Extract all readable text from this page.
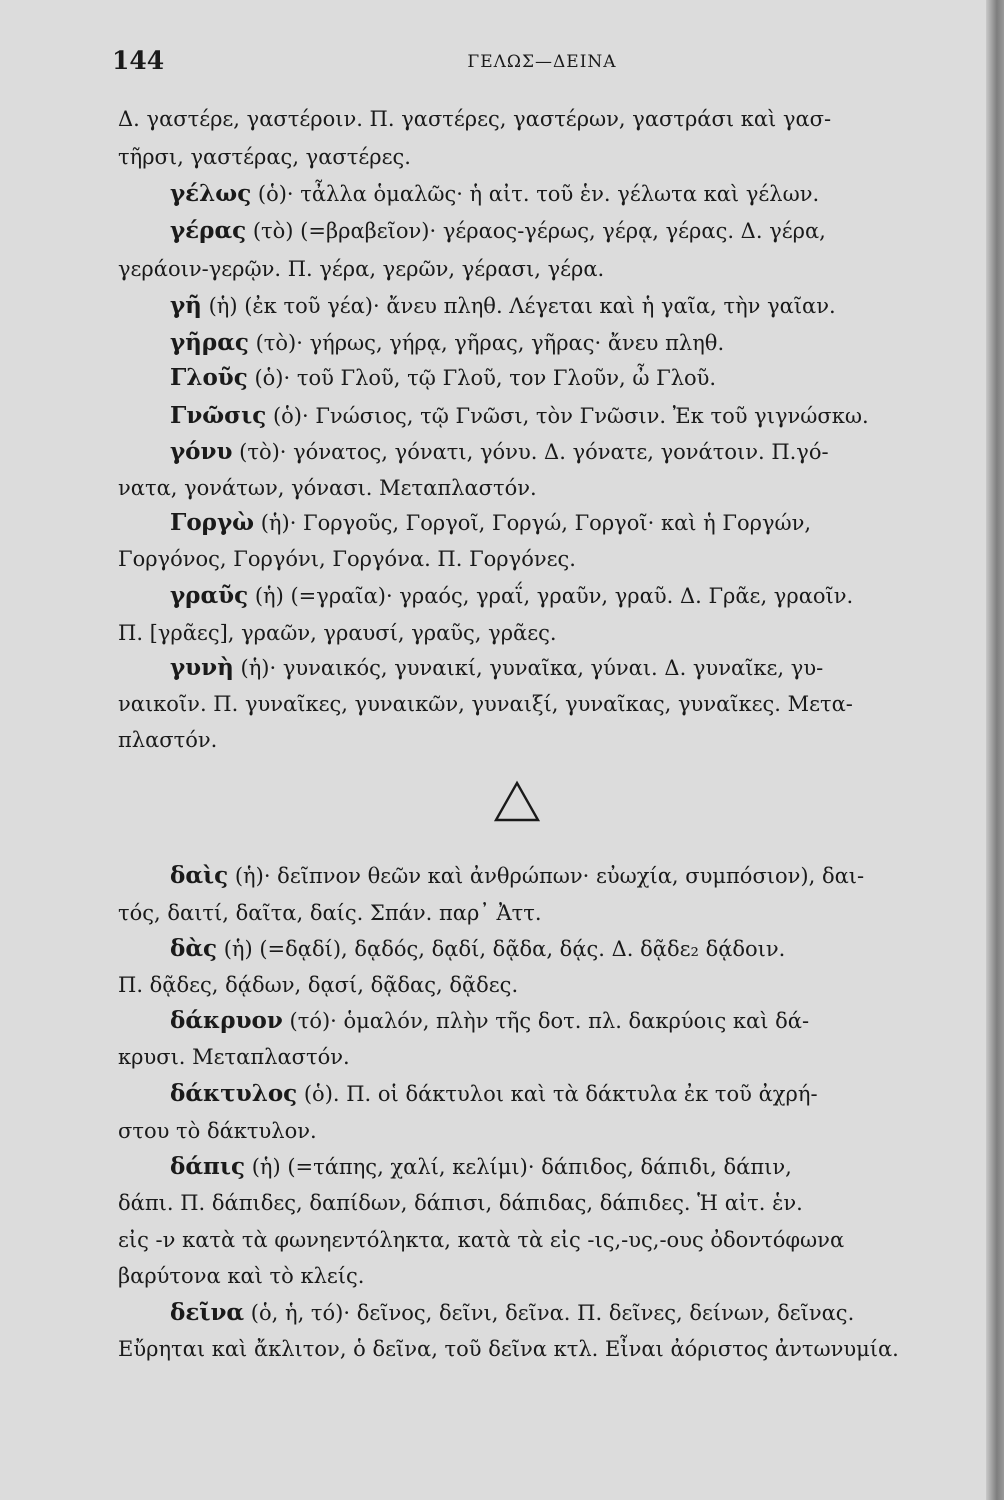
144	ΓΕΛΩΣ—ΔΕΙΝΑ
Δ. γαστέρε, γαστέροιν. Π. γαστέρες, γαστέρων, γαστράσι καὶ γασ-
τῆρσι, γαστέρας, γαστέρες.
γέλως (ὁ)· τἆλλα ὁμαλῶς· ἡ αἰτ. τοῦ ἑν. γέλωτα καὶ γέλων.
γέρας (τὸ) (=βραβεῖον)· γέραος-γέρως, γέρᾳ, γέρας. Δ. γέρα,
γεράοιν-γερῷν. Π. γέρα, γερῶν, γέρασι, γέρα.
γῆ (ἡ) (ἐκ τοῦ γέα)· ἄνευ πληθ. Λέγεται καὶ ἡ γαῖα, τὴν γαῖαν.
γῆρας (τὸ)· γήρως, γήρᾳ, γῆρας, γῆρας· ἄνευ πληθ.
Γλοῦς (ὁ)· τοῦ Γλοῦ, τῷ Γλοῦ, τον Γλοῦν, ὦ Γλοῦ.
Γνῶσις (ὁ)· Γνώσιος, τῷ Γνῶσι, τὸν Γνῶσιν. Ἐκ τοῦ γιγνώσκω.
γόνυ (τὸ)· γόνατος, γόνατι, γόνυ. Δ. γόνατε, γονάτοιν. Π.γό-
νατα, γονάτων, γόνασι. Μεταπλαστόν.
Γοργὼ (ἡ)· Γοργοῦς, Γοργοῖ, Γοργώ, Γοργοῖ· καὶ ἡ Γοργών,
Γοργόνος, Γοργόνι, Γοργόνα. Π. Γοργόνες.
γραῦς (ἡ) (=γραῖα)· γραός, γραΐ, γραῦν, γραῦ. Δ. Γρᾶε, γραοῖν.
Π. [γρᾶες], γραῶν, γραυσί, γραῦς, γρᾶες.
γυνὴ (ἡ)· γυναικός, γυναικί, γυναῖκα, γύναι. Δ. γυναῖκε, γυ-
ναικοῖν. Π. γυναῖκες, γυναικῶν, γυναιξί, γυναῖκας, γυναῖκες. Μετα-
πλαστόν.
δαὶς (ἡ)· δεῖπνον θεῶν καὶ ἀνθρώπων· εὐωχία, συμπόσιον), δαι-
τός, δαιτί, δαῖτα, δαίς. Σπάν. παρ᾽ Ἀττ.
δὰς (ἡ) (=δᾳδί), δᾳδός, δᾳδί, δᾷδα, δᾴς. Δ. δᾷδε₂ δᾴδοιν.
Π. δᾷδες, δᾴδων, δᾳσί, δᾷδας, δᾷδες.
δάκρυον (τό)· ὁμαλόν, πλὴν τῆς δοτ. πλ. δακρύοις καὶ δά-
κρυσι. Μεταπλαστόν.
δάκτυλος (ὁ). Π. οἱ δάκτυλοι καὶ τὰ δάκτυλα ἐκ τοῦ ἀχρή-
στου τὸ δάκτυλον.
δάπις (ἡ) (=τάπης, χαλί, κελίμι)· δάπιδος, δάπιδι, δάπιν,
δάπι. Π. δάπιδες, δαπίδων, δάπισι, δάπιδας, δάπιδες. Ἡ αἰτ. ἑν.
εἰς -ν κατὰ τὰ φωνηεντόληκτα, κατὰ τὰ εἰς -ις,-υς,-ους ὀδοντόφωνα
βαρύτονα καὶ τὸ κλείς.
δεῖνα (ὁ, ἡ, τό)· δεῖνος, δεῖνι, δεῖνα. Π. δεῖνες, δείνων, δεῖνας.
Εὔρηται καὶ ἄκλιτον, ὁ δεῖνα, τοῦ δεῖνα κτλ. Εἶναι ἀόριστος ἀντωνυμία.
